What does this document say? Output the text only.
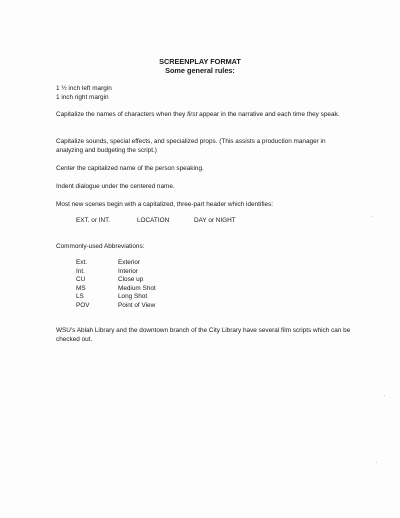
SCREENPLAY FORMAT
Some general rules:
1 ½ inch left margin
1 inch right margin
Capitalize the names of characters when they first appear in the narrative and each time they speak.
Capitalize sounds, special effects, and specialized props. (This assists a production manager in analyzing and budgeting the script.)
Center the capitalized name of the person speaking.
Indent dialogue under the centered name.
Most new scenes begin with a capitalized, three-part header which identifies:
EXT. or INT.	LOCATION	DAY or NIGHT
Commonly-used Abbreviations:
Ext.	Exterior
Int.	Interior
CU	Close up
MS	Medium Shot
LS	Long Shot
POV	Point of View
WSU's Ablah Library and the downtown branch of the City Library have several film scripts which can be checked out.
